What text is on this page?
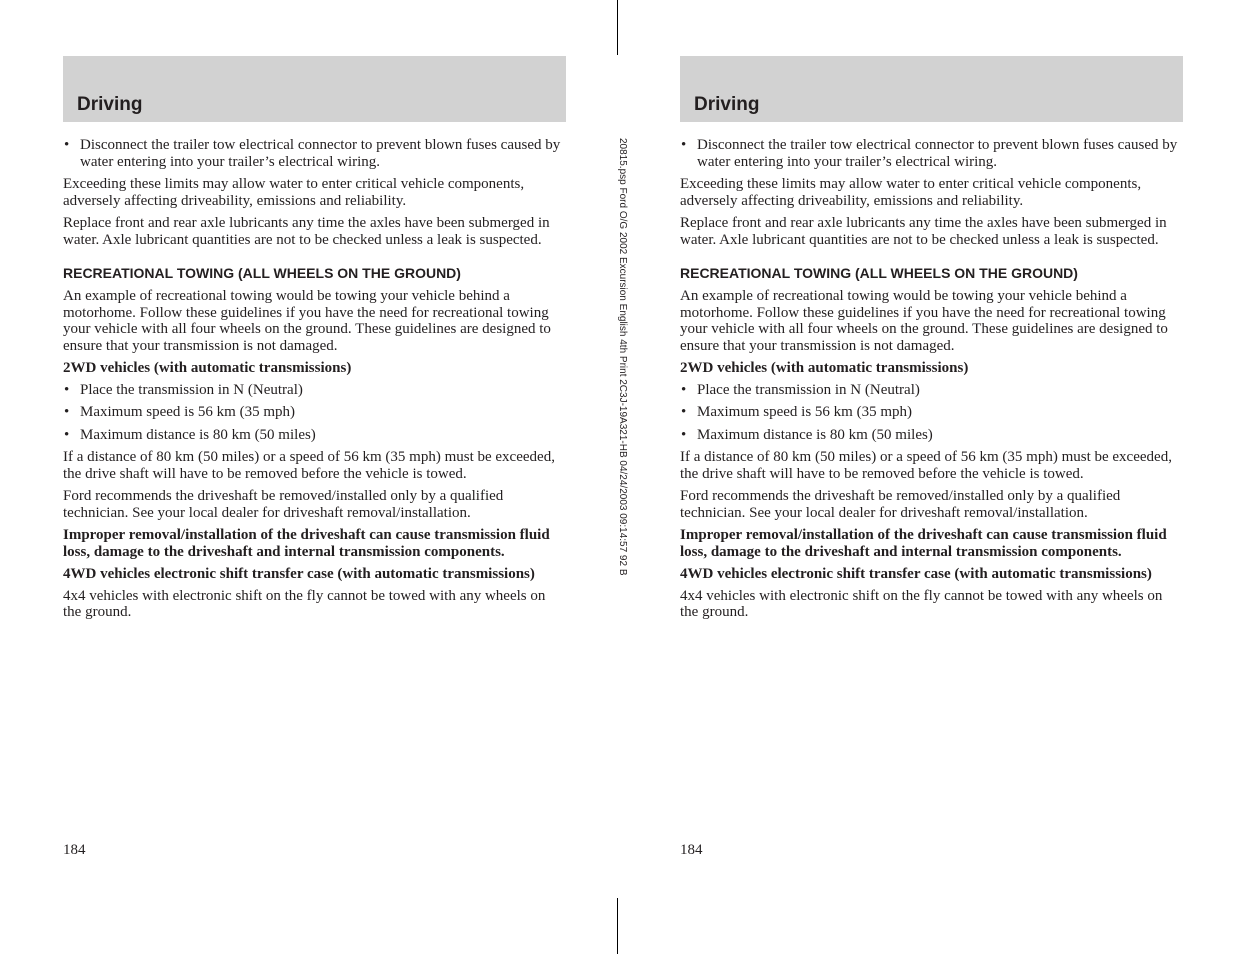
Driving
• Disconnect the trailer tow electrical connector to prevent blown fuses caused by water entering into your trailer’s electrical wiring.

Exceeding these limits may allow water to enter critical vehicle components, adversely affecting driveability, emissions and reliability.

Replace front and rear axle lubricants any time the axles have been submerged in water. Axle lubricant quantities are not to be checked unless a leak is suspected.

RECREATIONAL TOWING (ALL WHEELS ON THE GROUND)

An example of recreational towing would be towing your vehicle behind a motorhome. Follow these guidelines if you have the need for recreational towing your vehicle with all four wheels on the ground. These guidelines are designed to ensure that your transmission is not damaged.

2WD vehicles (with automatic transmissions)

• Place the transmission in N (Neutral)
• Maximum speed is 56 km (35 mph)
• Maximum distance is 80 km (50 miles)

If a distance of 80 km (50 miles) or a speed of 56 km (35 mph) must be exceeded, the drive shaft will have to be removed before the vehicle is towed.

Ford recommends the driveshaft be removed/installed only by a qualified technician. See your local dealer for driveshaft removal/installation.

Improper removal/installation of the driveshaft can cause transmission fluid loss, damage to the driveshaft and internal transmission components.

4WD vehicles electronic shift transfer case (with automatic transmissions)

4x4 vehicles with electronic shift on the fly cannot be towed with any wheels on the ground.

184
20815.psp Ford O/G 2002 Excursion English 4th Print 2C3J-19A321-HB 04/24/2003 09:14:57 92 B
Driving
• Disconnect the trailer tow electrical connector to prevent blown fuses caused by water entering into your trailer’s electrical wiring.

Exceeding these limits may allow water to enter critical vehicle components, adversely affecting driveability, emissions and reliability.

Replace front and rear axle lubricants any time the axles have been submerged in water. Axle lubricant quantities are not to be checked unless a leak is suspected.

RECREATIONAL TOWING (ALL WHEELS ON THE GROUND)

An example of recreational towing would be towing your vehicle behind a motorhome. Follow these guidelines if you have the need for recreational towing your vehicle with all four wheels on the ground. These guidelines are designed to ensure that your transmission is not damaged.

2WD vehicles (with automatic transmissions)

• Place the transmission in N (Neutral)
• Maximum speed is 56 km (35 mph)
• Maximum distance is 80 km (50 miles)

If a distance of 80 km (50 miles) or a speed of 56 km (35 mph) must be exceeded, the drive shaft will have to be removed before the vehicle is towed.

Ford recommends the driveshaft be removed/installed only by a qualified technician. See your local dealer for driveshaft removal/installation.

Improper removal/installation of the driveshaft can cause transmission fluid loss, damage to the driveshaft and internal transmission components.

4WD vehicles electronic shift transfer case (with automatic transmissions)

4x4 vehicles with electronic shift on the fly cannot be towed with any wheels on the ground.

184
